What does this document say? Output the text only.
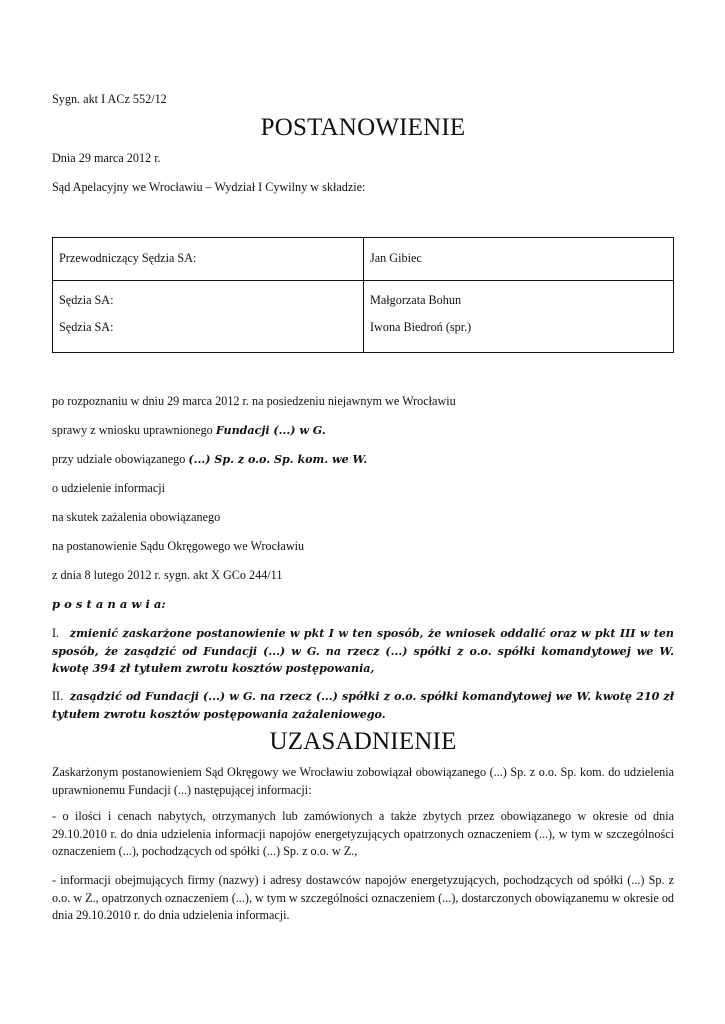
Sygn. akt I ACz 552/12
POSTANOWIENIE
Dnia 29 marca 2012 r.
Sąd Apelacyjny we Wrocławiu – Wydział I Cywilny w składzie:
Przewodniczący Sędzia SA:	Jan Gibiec
Sędzia SA:	Małgorzata Bohun
Sędzia SA:	Iwona Biedroń (spr.)
po rozpoznaniu w dniu 29 marca 2012 r. na posiedzeniu niejawnym we Wrocławiu
sprawy z wniosku uprawnionego Fundacji (...) w G.
przy udziale obowiązanego (...) Sp. z o.o. Sp. kom. we W.
o udzielenie informacji
na skutek zażalenia obowiązanego
na postanowienie Sądu Okręgowego we Wrocławiu
z dnia 8 lutego 2012 r. sygn. akt X GCo 244/11
p o s t a n a w i a:
I. zmienić zaskarżone postanowienie w pkt I w ten sposób, że wniosek oddalić oraz w pkt III w ten sposób, że zasądzić od Fundacji (...) w G. na rzecz (...) spółki z o.o. spółki komandytowej we W. kwotę 394 zł tytułem zwrotu kosztów postępowania,
II. zasądzić od Fundacji (...) w G. na rzecz (...) spółki z o.o. spółki komandytowej we W. kwotę 210 zł tytułem zwrotu kosztów postępowania zażaleniowego.
UZASADNIENIE
Zaskarżonym postanowieniem Sąd Okręgowy we Wrocławiu zobowiązał obowiązanego (...) Sp. z o.o. Sp. kom. do udzielenia uprawnionemu Fundacji (...) następującej informacji:
- o ilości i cenach nabytych, otrzymanych lub zamówionych a także zbytych przez obowiązanego w okresie od dnia 29.10.2010 r. do dnia udzielenia informacji napojów energetyzujących opatrzonych oznaczeniem (...), w tym w szczególności oznaczeniem (...), pochodzących od spółki (...) Sp. z o.o. w Z.,
- informacji obejmujących firmy (nazwy) i adresy dostawców napojów energetyzujących, pochodzących od spółki (...) Sp. z o.o. w Z., opatrzonych oznaczeniem (...), w tym w szczególności oznaczeniem (...), dostarczonych obowiązanemu w okresie od dnia 29.10.2010 r. do dnia udzielenia informacji.
